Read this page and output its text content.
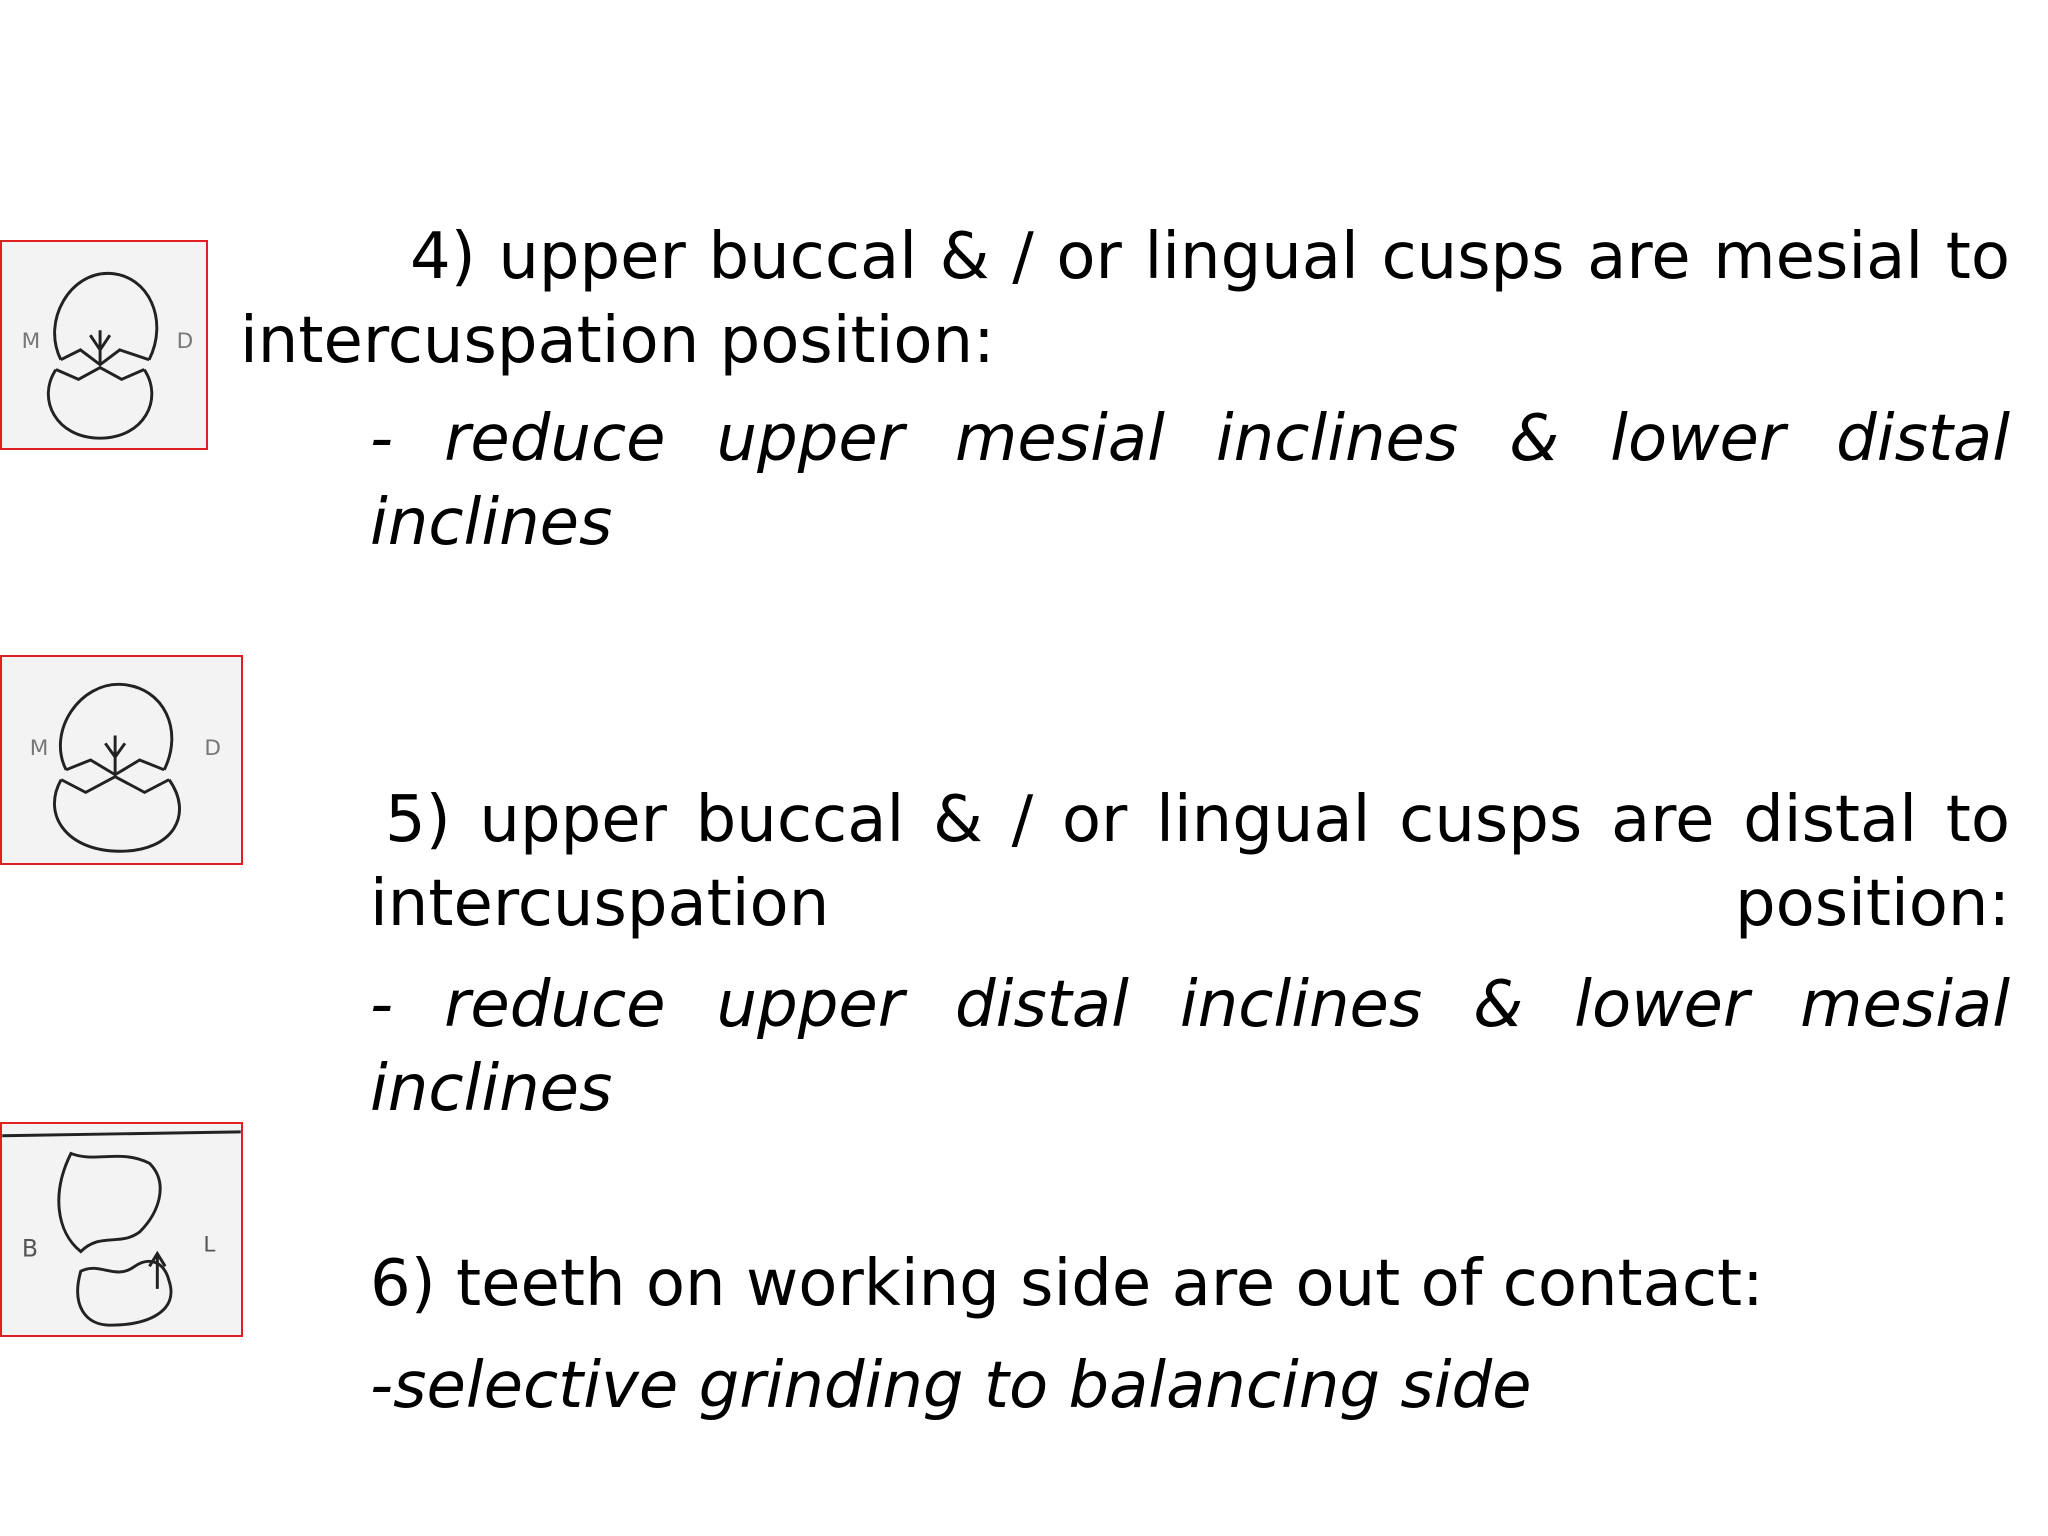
M	D

4) upper buccal & / or lingual cusps are mesial to intercuspation position:

- reduce upper mesial inclines & lower distal inclines

M	D

5) upper buccal & / or lingual cusps are distal to intercuspation position:

- reduce upper distal inclines & lower mesial inclines

B	L

6) teeth on working side are out of contact:

-selective grinding to balancing side
